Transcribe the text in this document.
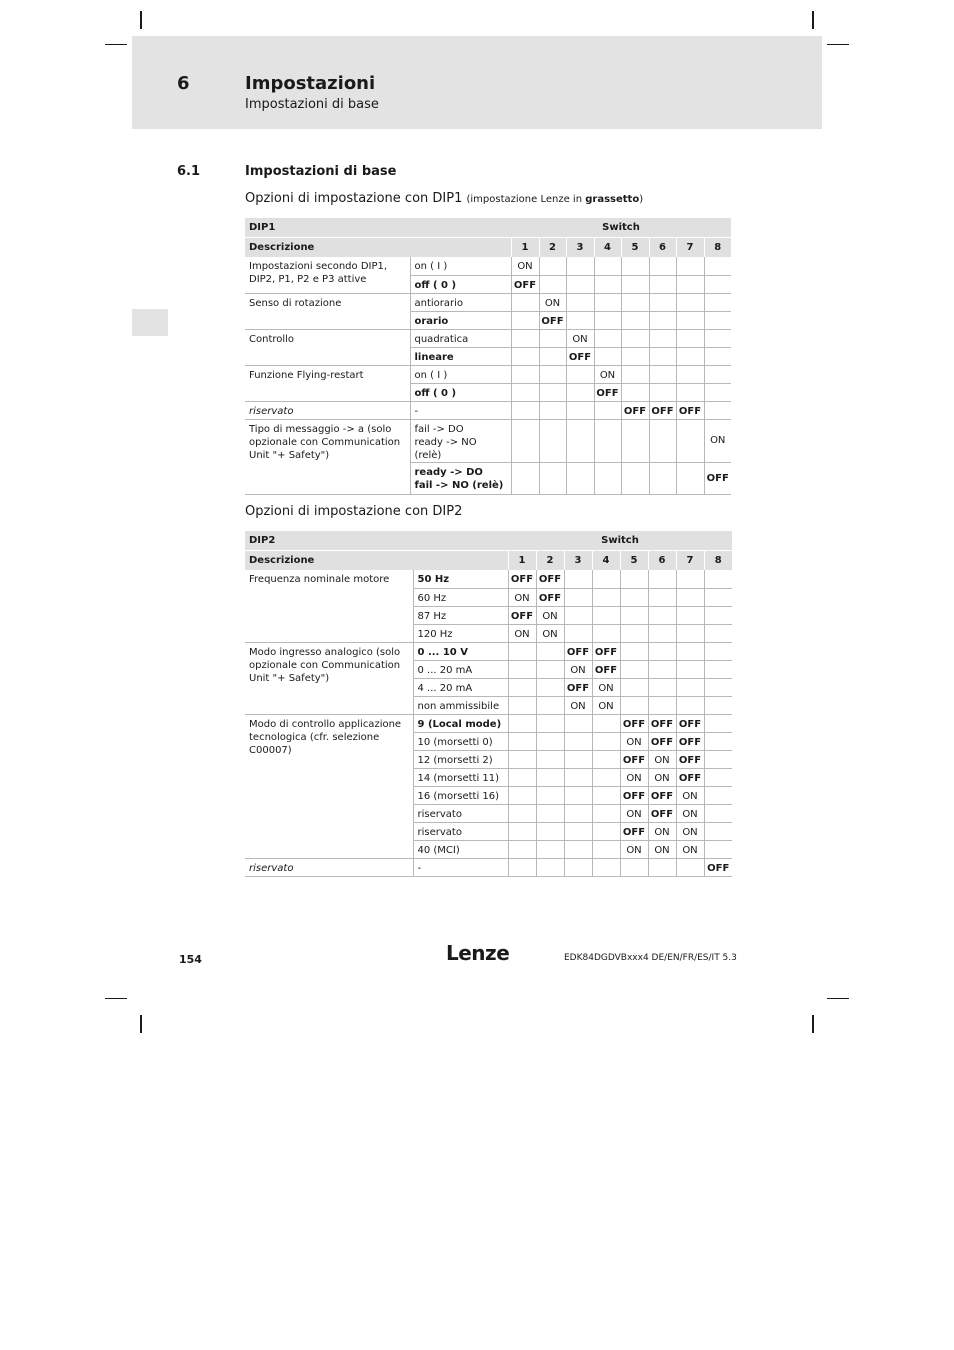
6	Impostazioni
Impostazioni di base
6.1	Impostazioni di base
Opzioni di impostazione con DIP1 (impostazione Lenze in grassetto)
DIP1		Switch							
Descrizione		1	2	3	4	5	6	7	8
Impostazioni secondo DIP1, DIP2, P1, P2 e P3 attive	on ( I )	ON							

	off ( 0 )	OFF							
Senso di rotazione	antiorario		ON						

	orario		OFF						
Controllo	quadratica			ON					

	lineare			OFF					
Funzione Flying-restart	on ( I )				ON				

	off ( 0 )				OFF				
riservato	-					OFF	OFF	OFF	
Tipo di messaggio -> a (solo opzionale con Communication Unit "+ Safety")	fail -> DO
ready -> NO (relè)								ON

	ready -> DO
fail -> NO (relè)								OFF
Opzioni di impostazione con DIP2
DIP2		Switch							
Descrizione		1	2	3	4	5	6	7	8
Frequenza nominale motore	50 Hz	OFF	OFF						

	60 Hz	ON	OFF						

	87 Hz	OFF	ON						

	120 Hz	ON	ON						
Modo ingresso analogico (solo opzionale con Communication Unit "+ Safety")	0 ... 10 V			OFF	OFF				

	0 ... 20 mA			ON	OFF				

	4 ... 20 mA			OFF	ON				

	non ammissibile			ON	ON				
Modo di controllo applicazione tecnologica (cfr. selezione C00007)	9 (Local mode)					OFF	OFF	OFF	

	10 (morsetti 0)					ON	OFF	OFF	

	12 (morsetti 2)					OFF	ON	OFF	

	14 (morsetti 11)					ON	ON	OFF	

	16 (morsetti 16)					OFF	OFF	ON	

	riservato					ON	OFF	ON	

	riservato					OFF	ON	ON	

	40 (MCI)					ON	ON	ON	
riservato	-								OFF
154	Lenze	EDK84DGDVBxxx4 DE/EN/FR/ES/IT 5.3
